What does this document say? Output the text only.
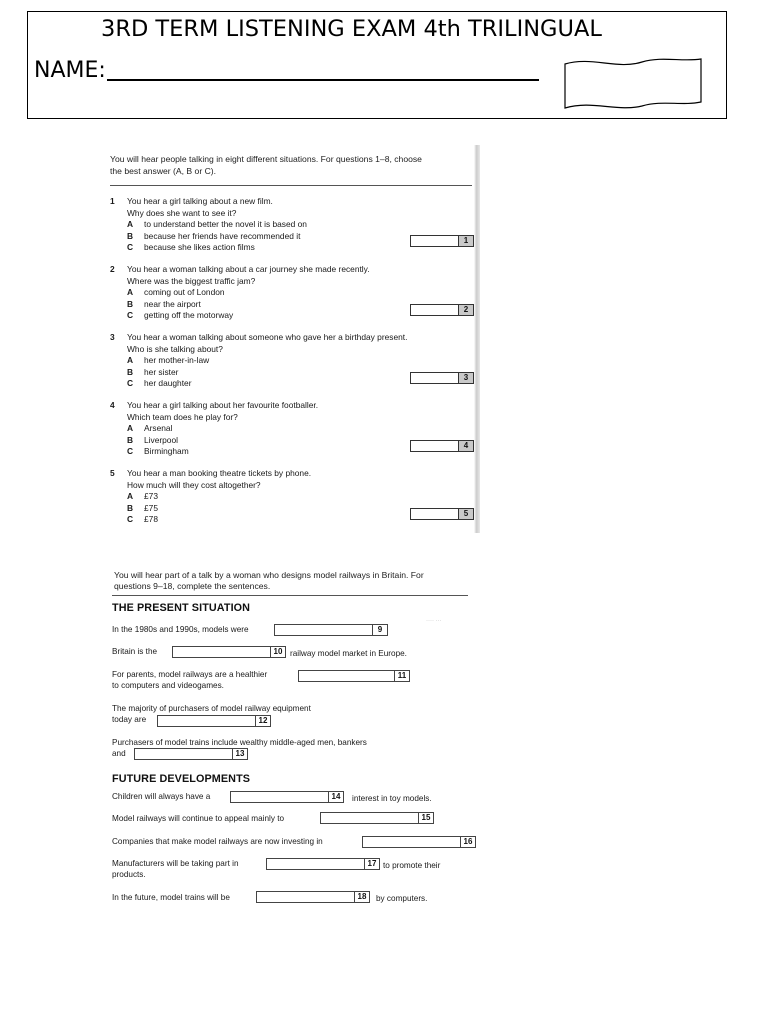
3RD TERM LISTENING EXAM 4th TRILINGUAL
NAME:
You will hear people talking in eight different situations. For questions 1–8, choose
the best answer (A, B or C).
1 You hear a girl talking about a new film.
Why does she want to see it?
A to understand better the novel it is based on
B because her friends have recommended it
C because she likes action films
1
2 You hear a woman talking about a car journey she made recently.
Where was the biggest traffic jam?
A coming out of London
B near the airport
C getting off the motorway
2
3 You hear a woman talking about someone who gave her a birthday present.
Who is she talking about?
A her mother-in-law
B her sister
C her daughter
3
4 You hear a girl talking about her favourite footballer.
Which team does he play for?
A Arsenal
B Liverpool
C Birmingham
4
5 You hear a man booking theatre tickets by phone.
How much will they cost altogether?
A £73
B £75
C £78
5
You will hear part of a talk by a woman who designs model railways in Britain. For
questions 9–18, complete the sentences.
THE PRESENT SITUATION
···· ···
In the 1980s and 1990s, models were	9
Britain is the	10 railway model market in Europe.
For parents, model railways are a healthier	11
to computers and videogames.
The majority of purchasers of model railway equipment
today are	12
Purchasers of model trains include wealthy middle-aged men, bankers
and	13
FUTURE DEVELOPMENTS
Children will always have a	14	interest in toy models.
Model railways will continue to appeal mainly to	15
Companies that make model railways are now investing in	16
Manufacturers will be taking part in	17 to promote their
products.
In the future, model trains will be	18	by computers.
